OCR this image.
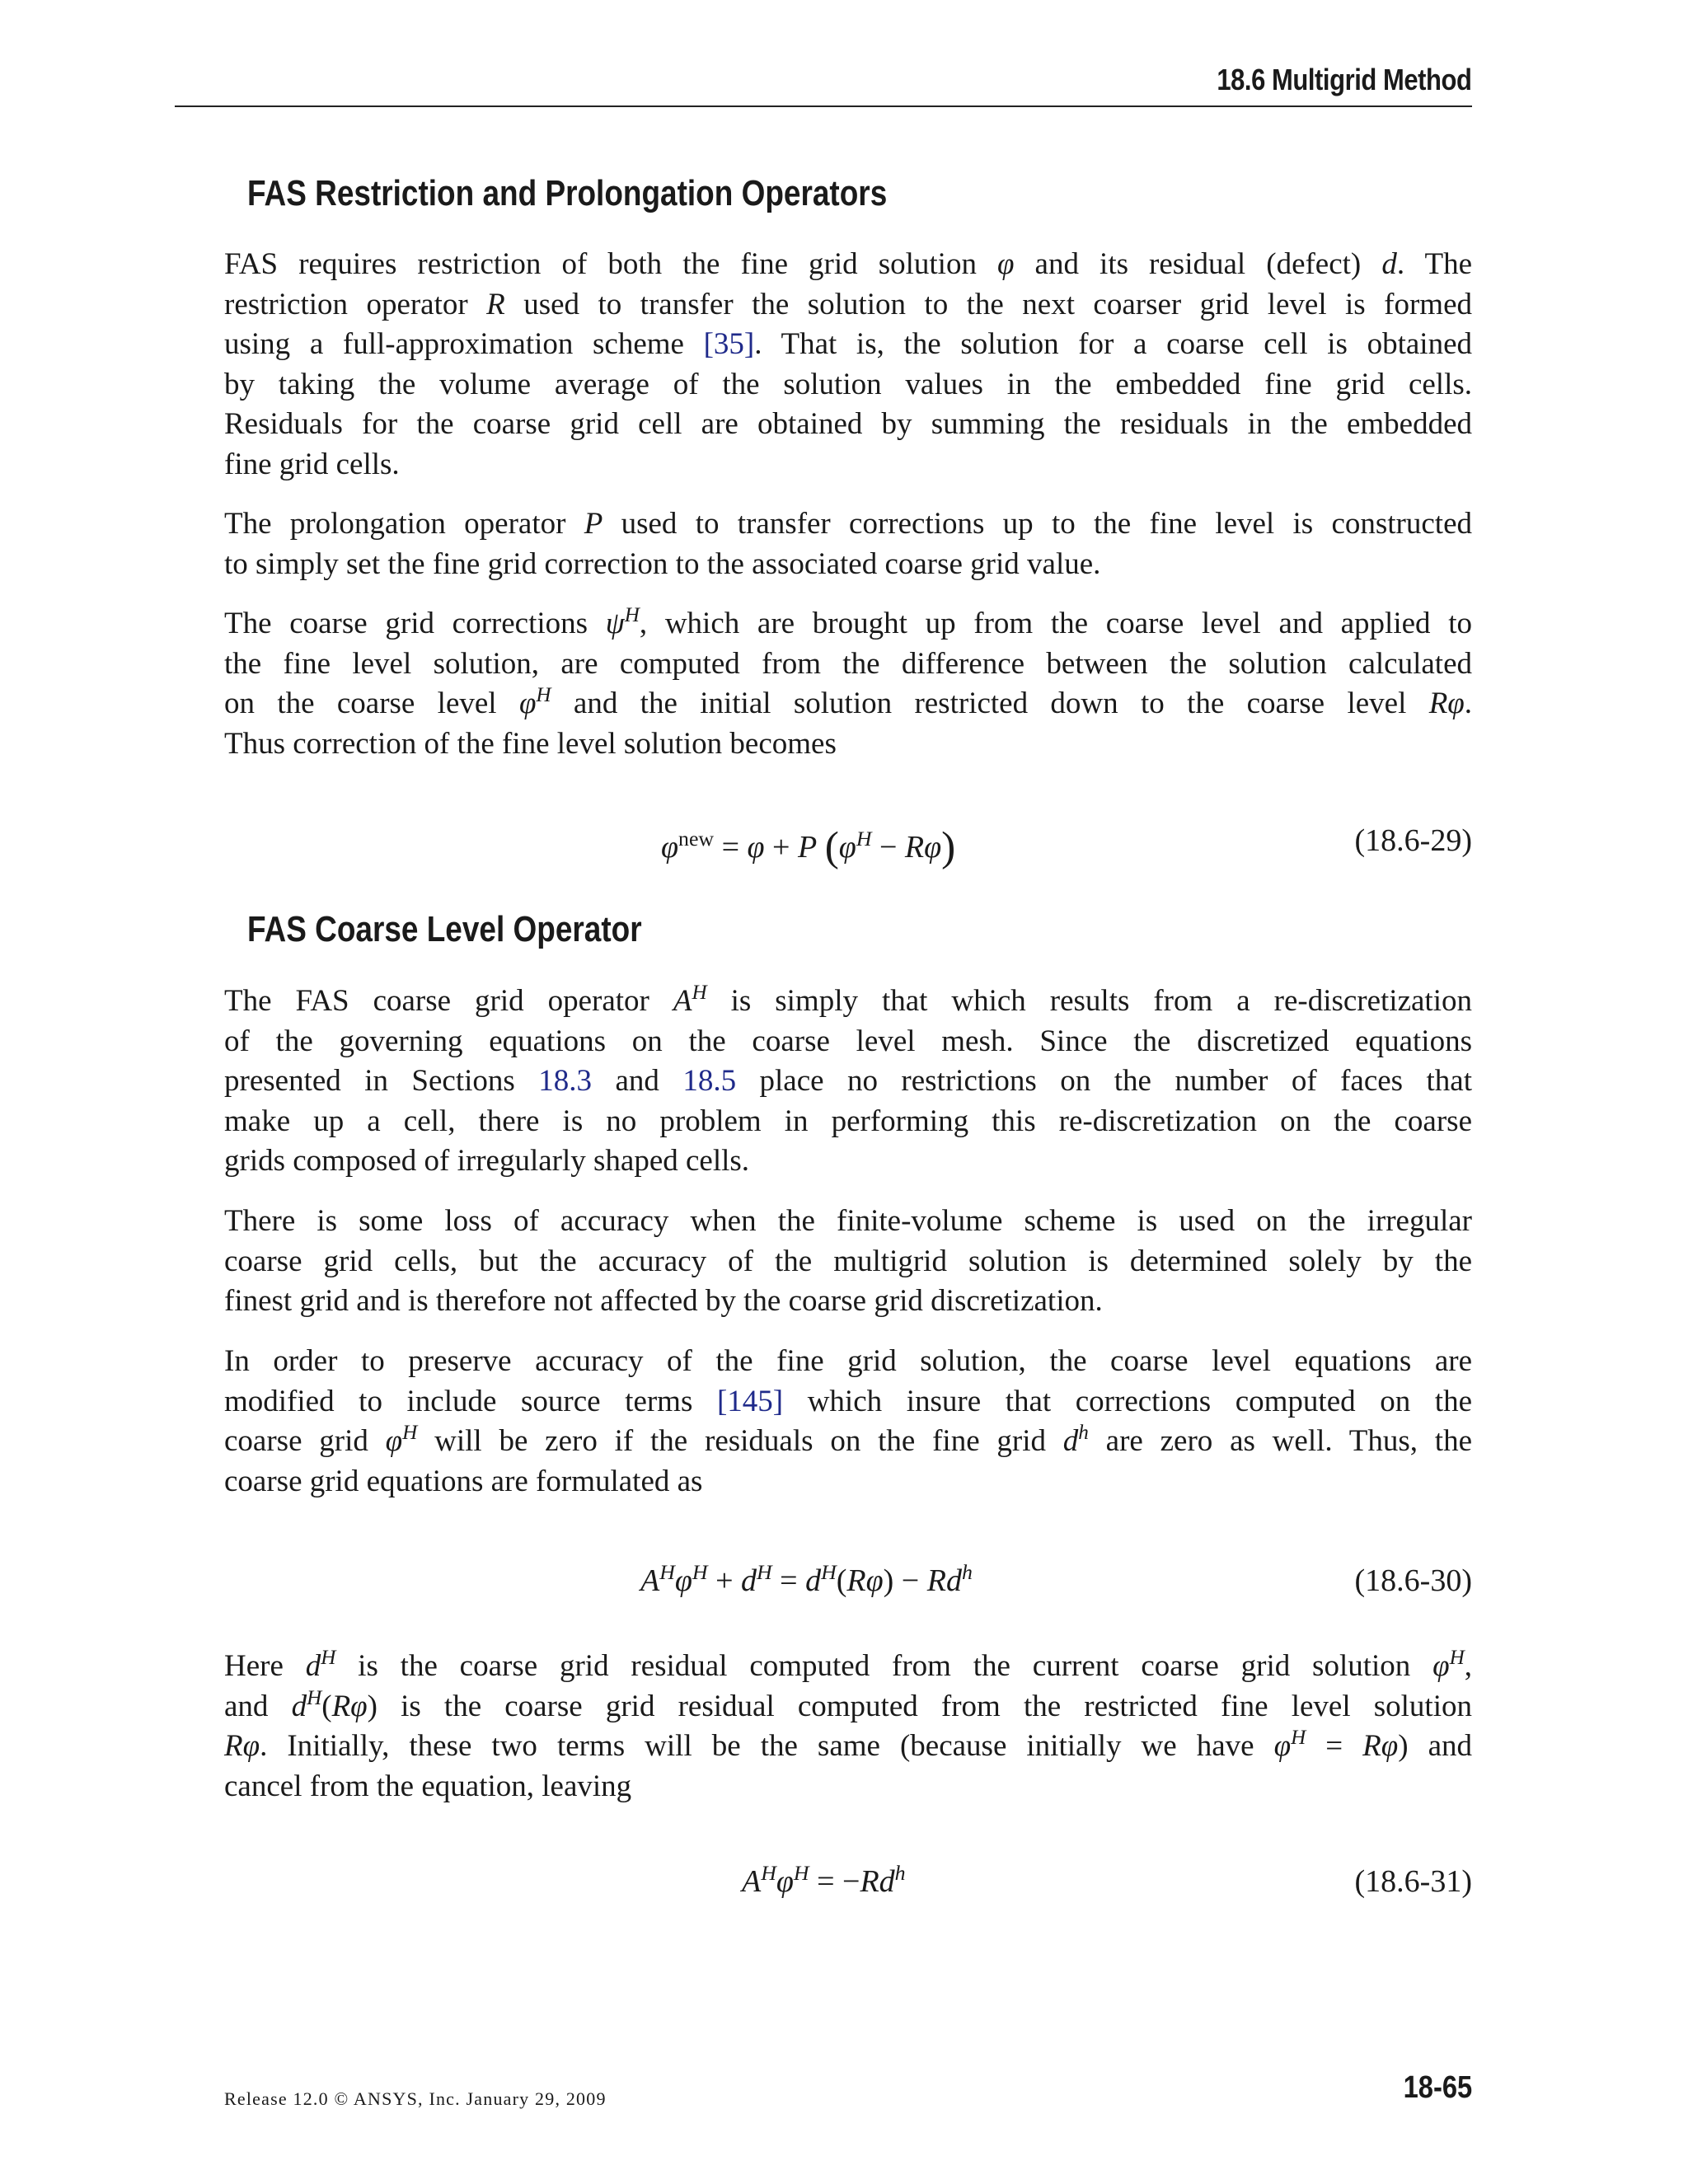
18.6 Multigrid Method
FAS Restriction and Prolongation Operators
FAS requires restriction of both the fine grid solution φ and its residual (defect) d. The
restriction operator R used to transfer the solution to the next coarser grid level is formed
using a full-approximation scheme [35]. That is, the solution for a coarse cell is obtained
by taking the volume average of the solution values in the embedded fine grid cells.
Residuals for the coarse grid cell are obtained by summing the residuals in the embedded
fine grid cells.
The prolongation operator P used to transfer corrections up to the fine level is constructed
to simply set the fine grid correction to the associated coarse grid value.
The coarse grid corrections $\psi^H$, which are brought up from the coarse level and applied to
the fine level solution, are computed from the difference between the solution calculated
on the coarse level $\varphi^H$ and the initial solution restricted down to the coarse level Rφ.
Thus correction of the fine level solution becomes
$\varphi^{new} = \varphi + P$ $(\varphi^H - R\varphi)$	(18.6-29)
FAS Coarse Level Operator
The FAS coarse grid operator $A^H$ is simply that which results from a re-discretization
of the governing equations on the coarse level mesh. Since the discretized equations
presented in Sections 18.3 and 18.5 place no restrictions on the number of faces that
make up a cell, there is no problem in performing this re-discretization on the coarse
grids composed of irregularly shaped cells.
There is some loss of accuracy when the finite-volume scheme is used on the irregular
coarse grid cells, but the accuracy of the multigrid solution is determined solely by the
finest grid and is therefore not affected by the coarse grid discretization.
In order to preserve accuracy of the fine grid solution, the coarse level equations are
modified to include source terms [145] which insure that corrections computed on the
coarse grid $\varphi^H$ will be zero if the residuals on the fine grid $d^h$ are zero as well. Thus, the
coarse grid equations are formulated as
$A^H\varphi^H + d^H = d^H(R\varphi) - Rd^h$	(18.6-30)
Here $d^H$ is the coarse grid residual computed from the current coarse grid solution $\varphi^H$,
and $d^H(R\varphi)$ is the coarse grid residual computed from the restricted fine level solution
Rφ. Initially, these two terms will be the same (because initially we have $\varphi^H = R\varphi$) and
cancel from the equation, leaving
$A^H\varphi^H = -Rd^h$	(18.6-31)
Release 12.0 © ANSYS, Inc. January 29, 2009	18-65
